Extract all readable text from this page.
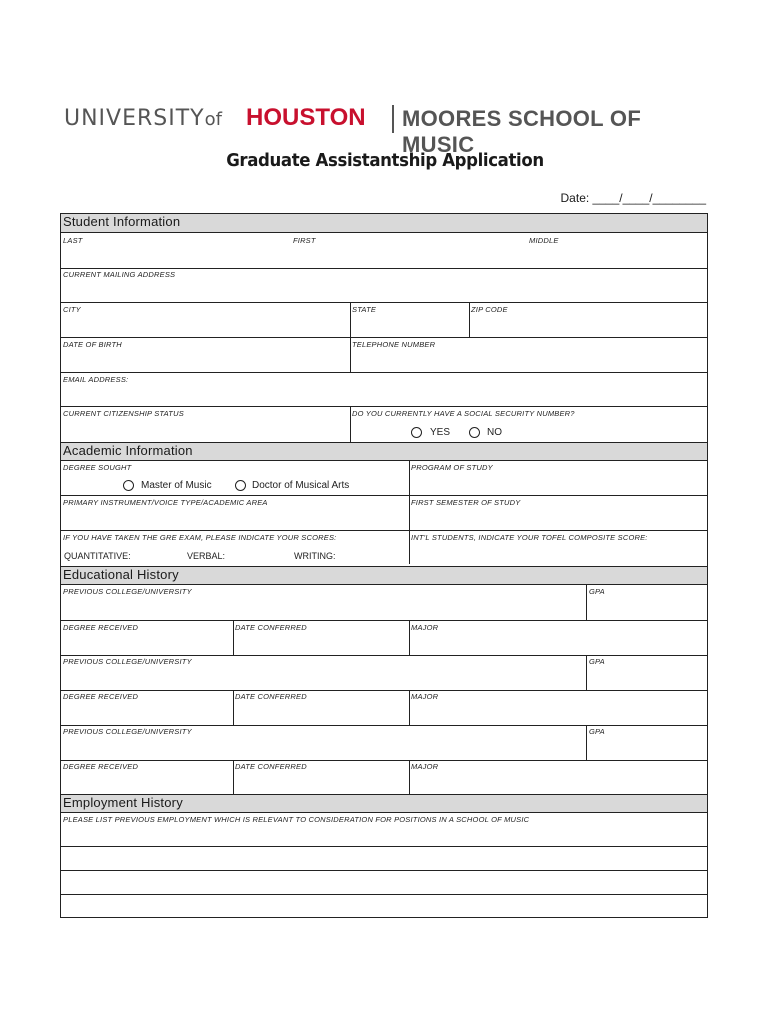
UNIVERSITYof HOUSTON MOORES SCHOOL OF MUSIC
Graduate Assistantship Application
Date: ____/____/________
Student Information
LAST	FIRST	MIDDLE
CURRENT MAILING ADDRESS
CITY	STATE	ZIP CODE
DATE OF BIRTH	TELEPHONE NUMBER
EMAIL ADDRESS:
CURRENT CITIZENSHIP STATUS	DO YOU CURRENTLY HAVE A SOCIAL SECURITY NUMBER?
YES	NO
Academic Information
DEGREE SOUGHT	PROGRAM OF STUDY
Master of Music	Doctor of Musical Arts
PRIMARY INSTRUMENT/VOICE TYPE/ACADEMIC AREA	FIRST SEMESTER OF STUDY
IF YOU HAVE TAKEN THE GRE EXAM, PLEASE INDICATE YOUR SCORES:	INT'L STUDENTS, INDICATE YOUR TOFEL COMPOSITE SCORE:
QUANTITATIVE:	VERBAL:	WRITING:
Educational History
PREVIOUS COLLEGE/UNIVERSITY	GPA
DEGREE RECEIVED	DATE CONFERRED	MAJOR
PREVIOUS COLLEGE/UNIVERSITY	GPA
DEGREE RECEIVED	DATE CONFERRED	MAJOR
PREVIOUS COLLEGE/UNIVERSITY	GPA
DEGREE RECEIVED	DATE CONFERRED	MAJOR
Employment History
PLEASE LIST PREVIOUS EMPLOYMENT WHICH IS RELEVANT TO CONSIDERATION FOR POSITIONS IN A SCHOOL OF MUSIC
